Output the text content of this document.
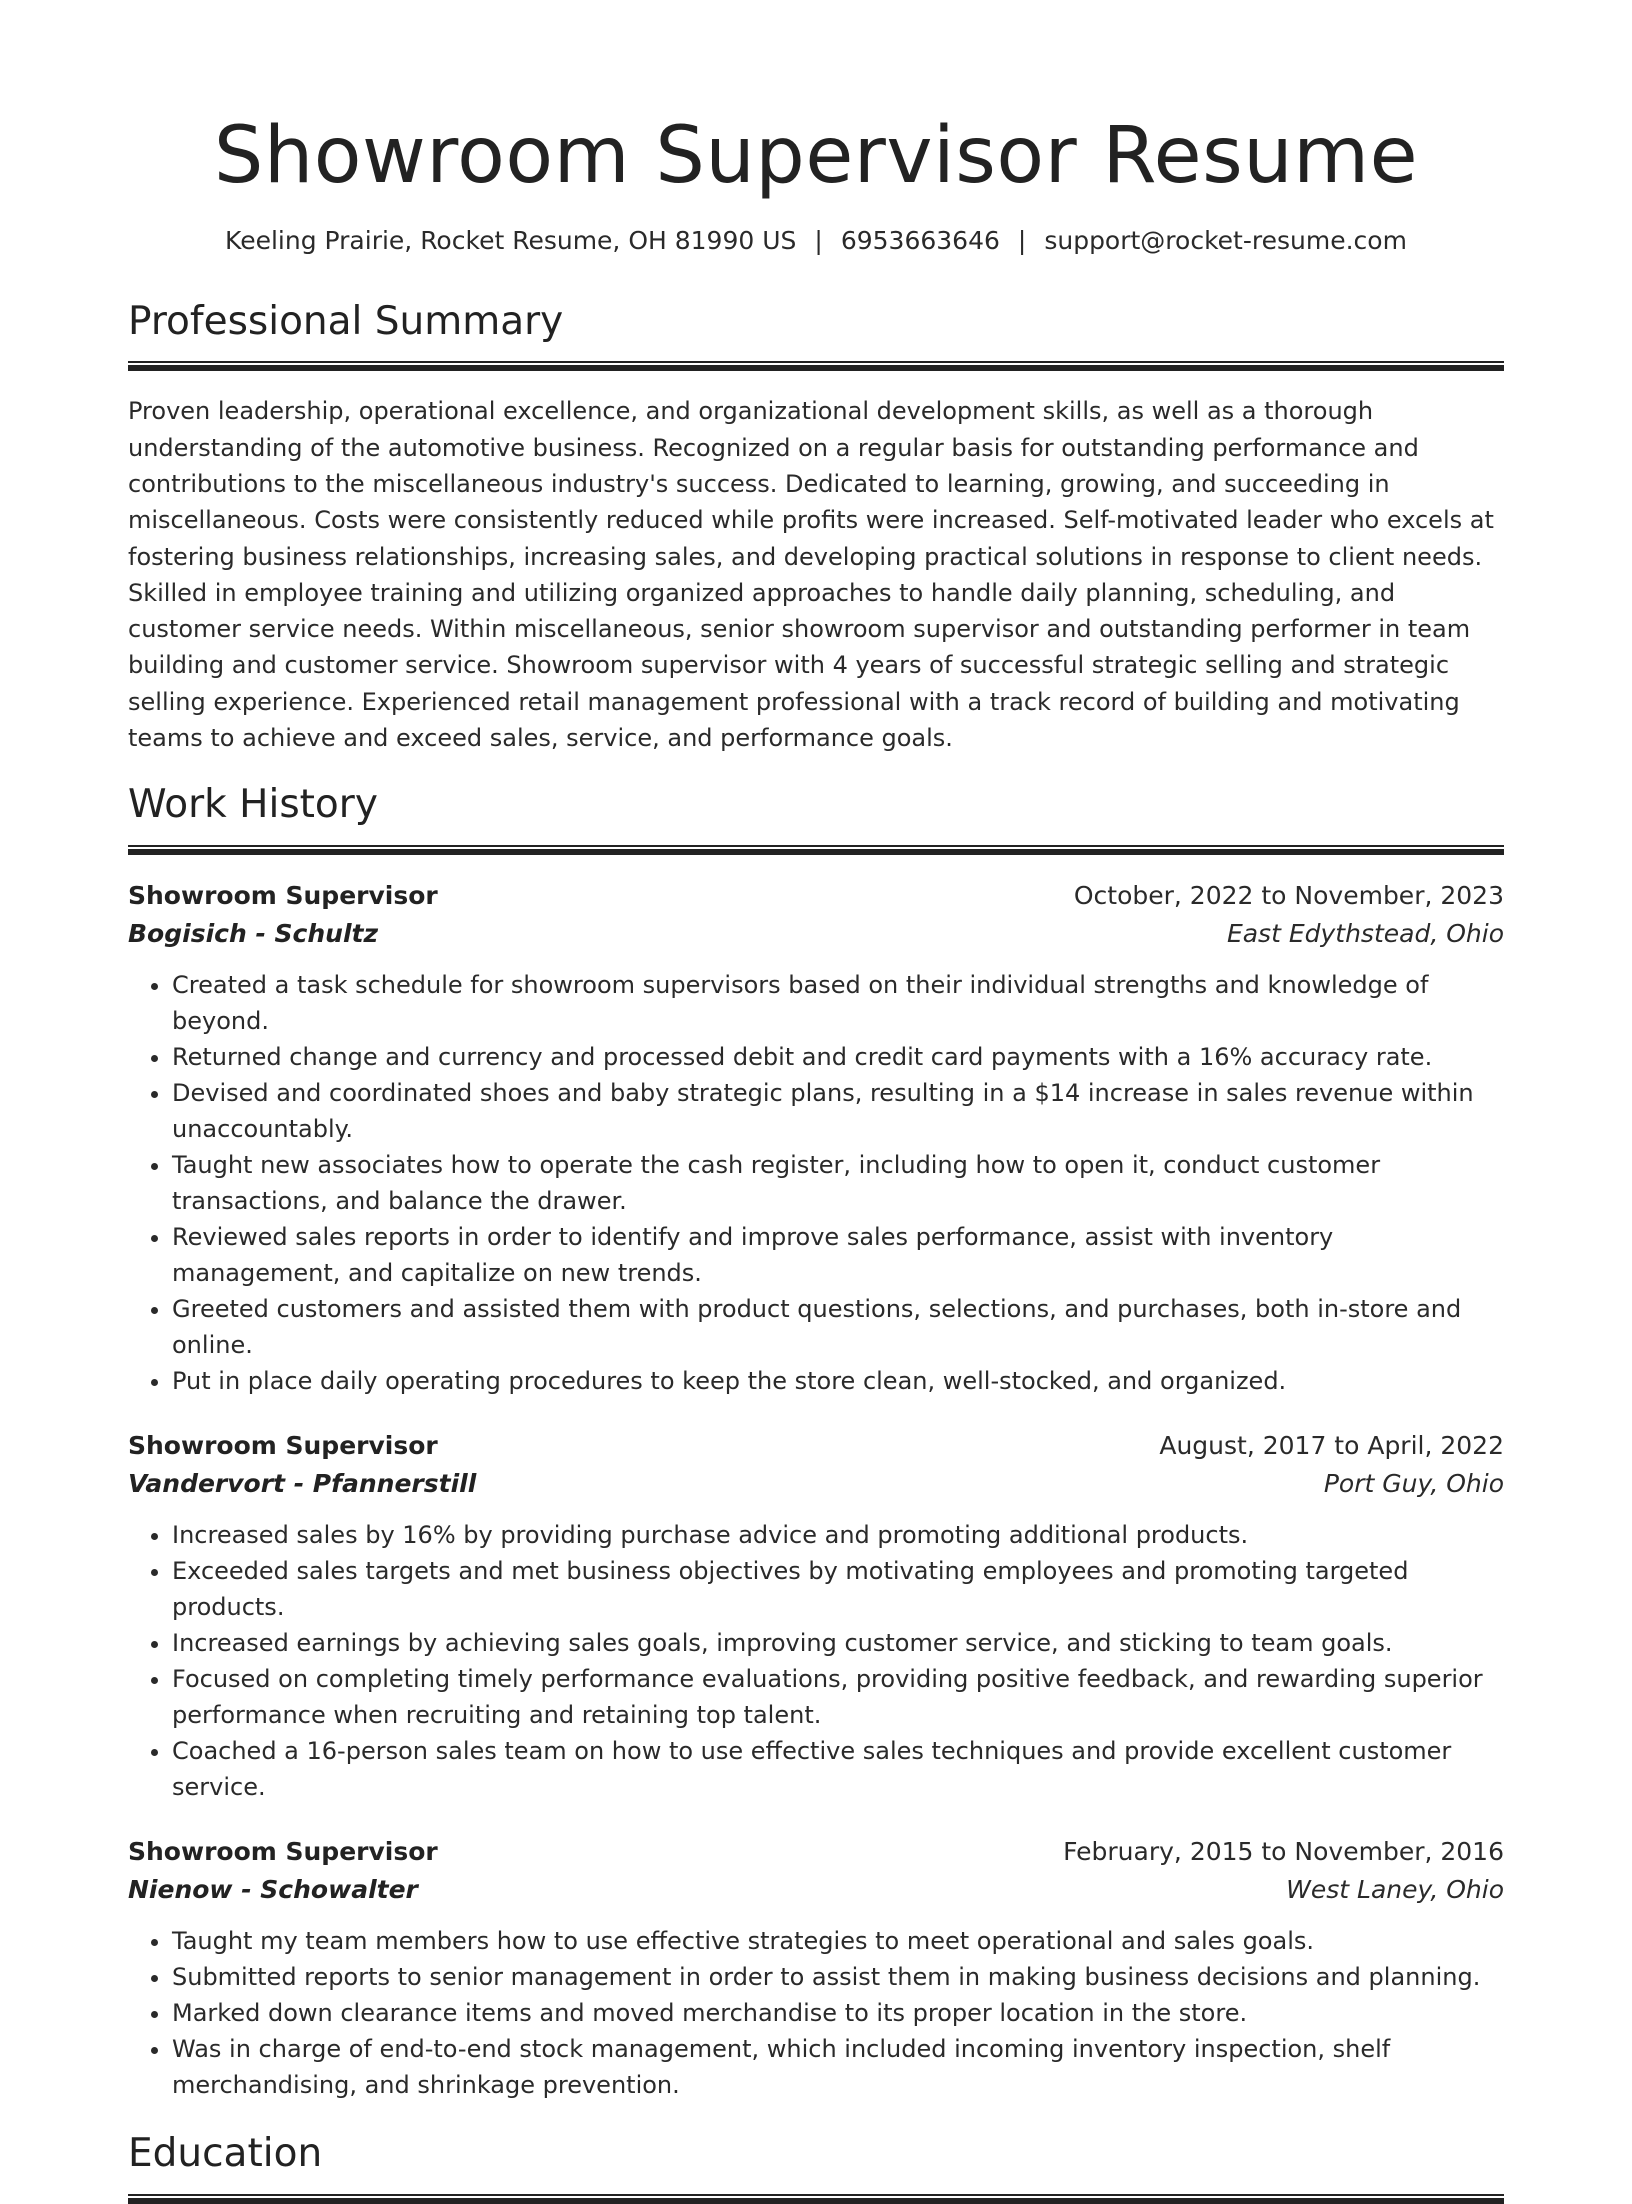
Showroom Supervisor Resume
Keeling Prairie, Rocket Resume, OH 81990 US | 6953663646 | support@rocket-resume.com
Professional Summary

Proven leadership, operational excellence, and organizational development skills, as well as a thorough understanding of the automotive business. Recognized on a regular basis for outstanding performance and contributions to the miscellaneous industry's success. Dedicated to learning, growing, and succeeding in miscellaneous. Costs were consistently reduced while profits were increased. Self-motivated leader who excels at fostering business relationships, increasing sales, and developing practical solutions in response to client needs. Skilled in employee training and utilizing organized approaches to handle daily planning, scheduling, and customer service needs. Within miscellaneous, senior showroom supervisor and outstanding performer in team building and customer service. Showroom supervisor with 4 years of successful strategic selling and strategic selling experience. Experienced retail management professional with a track record of building and motivating teams to achieve and exceed sales, service, and performance goals.

Work History
Showroom Supervisor	October, 2022 to November, 2023
Bogisich - Schultz	East Edythstead, Ohio
• Created a task schedule for showroom supervisors based on their individual strengths and knowledge of beyond.
• Returned change and currency and processed debit and credit card payments with a 16% accuracy rate.
• Devised and coordinated shoes and baby strategic plans, resulting in a $14 increase in sales revenue within unaccountably.
• Taught new associates how to operate the cash register, including how to open it, conduct customer transactions, and balance the drawer.
• Reviewed sales reports in order to identify and improve sales performance, assist with inventory management, and capitalize on new trends.
• Greeted customers and assisted them with product questions, selections, and purchases, both in-store and online.
• Put in place daily operating procedures to keep the store clean, well-stocked, and organized.
Showroom Supervisor	August, 2017 to April, 2022
Vandervort - Pfannerstill	Port Guy, Ohio
• Increased sales by 16% by providing purchase advice and promoting additional products.
• Exceeded sales targets and met business objectives by motivating employees and promoting targeted products.
• Increased earnings by achieving sales goals, improving customer service, and sticking to team goals.
• Focused on completing timely performance evaluations, providing positive feedback, and rewarding superior performance when recruiting and retaining top talent.
• Coached a 16-person sales team on how to use effective sales techniques and provide excellent customer service.
Showroom Supervisor	February, 2015 to November, 2016
Nienow - Schowalter	West Laney, Ohio
• Taught my team members how to use effective strategies to meet operational and sales goals.
• Submitted reports to senior management in order to assist them in making business decisions and planning.
• Marked down clearance items and moved merchandise to its proper location in the store.
• Was in charge of end-to-end stock management, which included incoming inventory inspection, shelf merchandising, and shrinkage prevention.
Education
